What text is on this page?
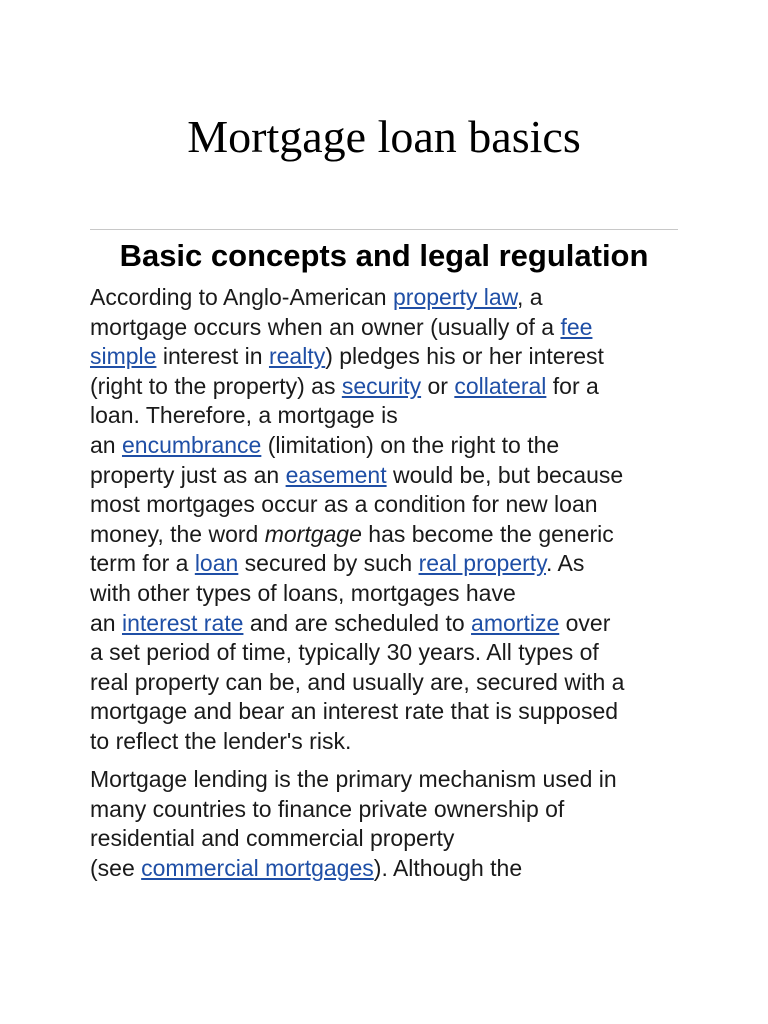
Mortgage loan basics
Basic concepts and legal regulation

According to Anglo-American property law, a
mortgage occurs when an owner (usually of a fee
simple interest in realty) pledges his or her interest
(right to the property) as security or collateral for a
loan. Therefore, a mortgage is
an encumbrance (limitation) on the right to the
property just as an easement would be, but because
most mortgages occur as a condition for new loan
money, the word mortgage has become the generic
term for a loan secured by such real property. As
with other types of loans, mortgages have
an interest rate and are scheduled to amortize over
a set period of time, typically 30 years. All types of
real property can be, and usually are, secured with a
mortgage and bear an interest rate that is supposed
to reflect the lender's risk.

Mortgage lending is the primary mechanism used in
many countries to finance private ownership of
residential and commercial property
(see commercial mortgages). Although the
